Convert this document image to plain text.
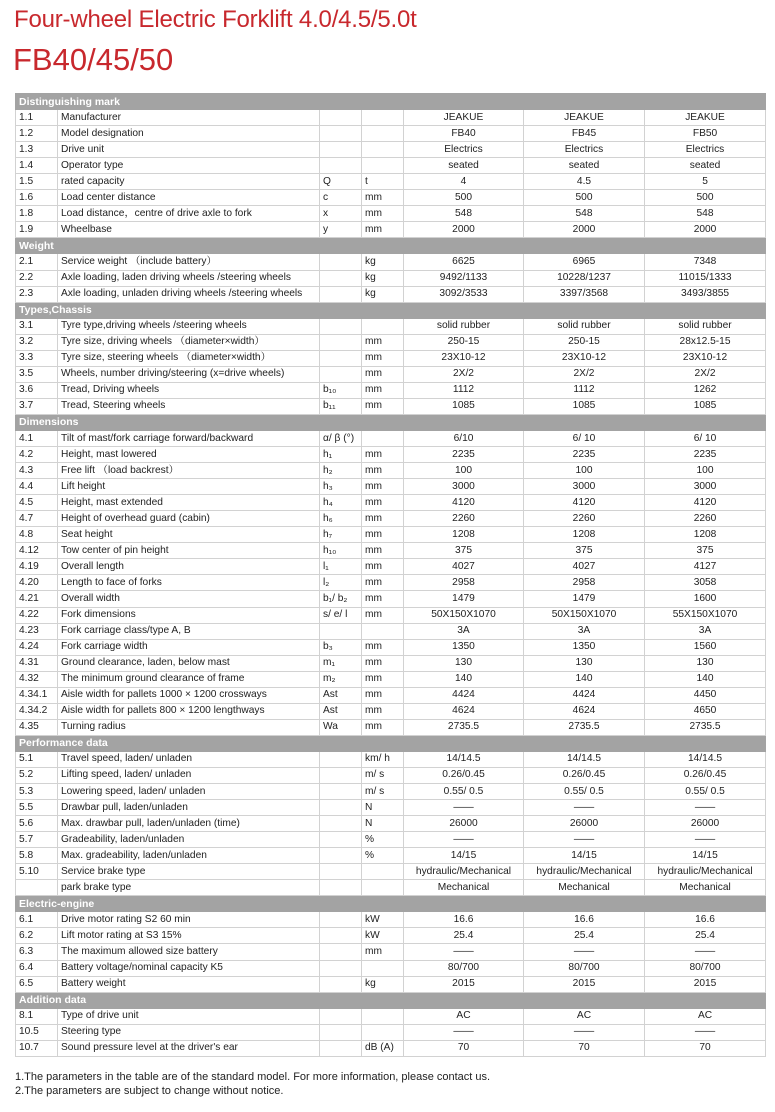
Four-wheel Electric Forklift 4.0/4.5/5.0t
FB40/45/50
Distinguishing mark						
1.1	Manufacturer			JEAKUE	JEAKUE	JEAKUE
1.2	Model designation			FB40	FB45	FB50
1.3	Drive unit			Electrics	Electrics	Electrics
1.4	Operator type			seated	seated	seated
1.5	rated capacity	Q	t	4	4.5	5
1.6	Load center distance	c	mm	500	500	500
1.8	Load distance，centre of drive axle to fork	x	mm	548	548	548
1.9	Wheelbase	y	mm	2000	2000	2000
Weight						
2.1	Service weight （include battery）		kg	6625	6965	7348
2.2	Axle loading, laden driving wheels /steering wheels		kg	9492/1133	10228/1237	11015/1333
2.3	Axle loading, unladen driving wheels /steering wheels		kg	3092/3533	3397/3568	3493/3855
Types,Chassis						
3.1	Tyre type,driving wheels /steering wheels			solid rubber	solid rubber	solid rubber
3.2	Tyre size, driving wheels （diameter×width）		mm	250-15	250-15	28x12.5-15
3.3	Tyre size, steering wheels （diameter×width）		mm	23X10-12	23X10-12	23X10-12
3.5	Wheels, number driving/steering (x=drive wheels)		mm	2X/2	2X/2	2X/2
3.6	Tread, Driving wheels	b₁₀	mm	1112	1112	1262
3.7	Tread, Steering wheels	b₁₁	mm	1085	1085	1085
Dimensions						
4.1	Tilt of mast/fork carriage forward/backward	α/ β (°)		6/10	6/ 10	6/ 10
4.2	Height, mast lowered	h₁	mm	2235	2235	2235
4.3	Free lift （load backrest）	h₂	mm	100	100	100
4.4	Lift height	h₃	mm	3000	3000	3000
4.5	Height, mast extended	h₄	mm	4120	4120	4120
4.7	Height of overhead guard (cabin)	h₆	mm	2260	2260	2260
4.8	Seat height	h₇	mm	1208	1208	1208
4.12	Tow center of pin height	h₁₀	mm	375	375	375
4.19	Overall length	l₁	mm	4027	4027	4127
4.20	Length to face of forks	l₂	mm	2958	2958	3058
4.21	Overall width	b₁/ b₂	mm	1479	1479	1600
4.22	Fork dimensions	s/ e/ l	mm	50X150X1070	50X150X1070	55X150X1070
4.23	Fork carriage class/type A, B			3A	3A	3A
4.24	Fork carriage width	b₃	mm	1350	1350	1560
4.31	Ground clearance, laden, below mast	m₁	mm	130	130	130
4.32	The minimum ground clearance of frame	m₂	mm	140	140	140
4.34.1	Aisle width for pallets 1000 × 1200 crossways	Ast	mm	4424	4424	4450
4.34.2	Aisle width for pallets 800 × 1200 lengthways	Ast	mm	4624	4624	4650
4.35	Turning radius	Wa	mm	2735.5	2735.5	2735.5
Performance data						
5.1	Travel speed, laden/ unladen		km/ h	14/14.5	14/14.5	14/14.5
5.2	Lifting speed, laden/ unladen		m/ s	0.26/0.45	0.26/0.45	0.26/0.45
5.3	Lowering speed, laden/ unladen		m/ s	0.55/ 0.5	0.55/ 0.5	0.55/ 0.5
5.5	Drawbar pull, laden/unladen		N	——	——	——
5.6	Max. drawbar pull, laden/unladen (time)		N	26000	26000	26000
5.7	Gradeability, laden/unladen		%	——	——	——
5.8	Max. gradeability, laden/unladen		%	14/15	14/15	14/15
5.10	Service brake type			hydraulic/Mechanical	hydraulic/Mechanical	hydraulic/Mechanical
	park brake type			Mechanical	Mechanical	Mechanical
Electric-engine						
6.1	Drive motor rating S2 60 min		kW	16.6	16.6	16.6
6.2	Lift motor rating at S3 15%		kW	25.4	25.4	25.4
6.3	The maximum allowed size battery		mm	——	——	——
6.4	Battery voltage/nominal capacity K5			80/700	80/700	80/700
6.5	Battery weight		kg	2015	2015	2015
Addition data						
8.1	Type of drive unit			AC	AC	AC
10.5	Steering type			——	——	——
10.7	Sound pressure level at the driver's ear		dB (A)	70	70	70
1.The parameters in the table are of the standard model. For more information, please contact us.
2.The parameters are subject to change without notice.
